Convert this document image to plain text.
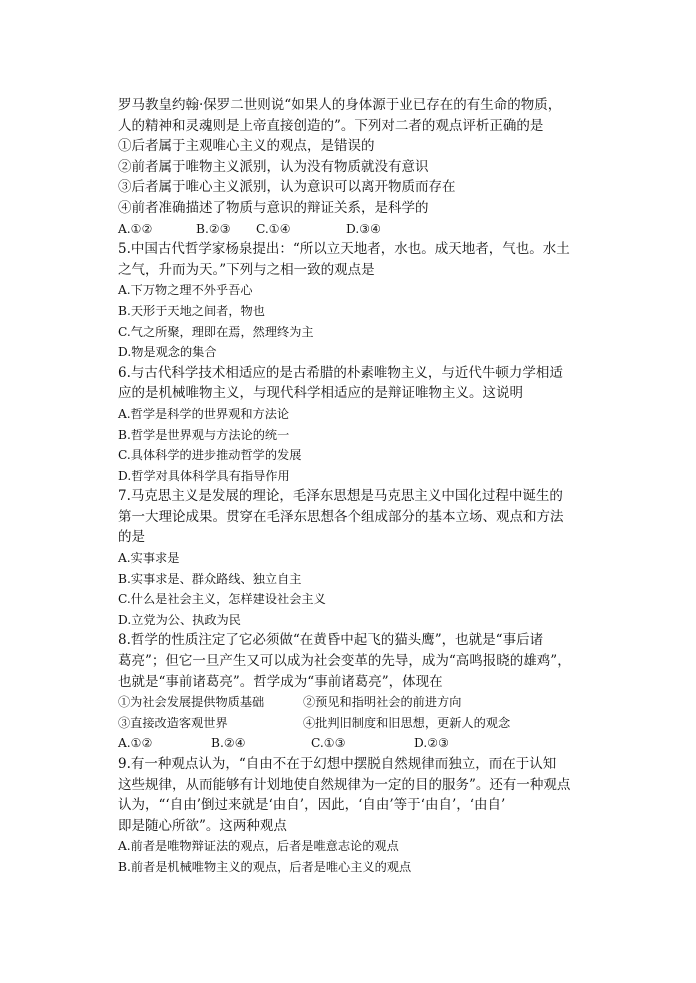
罗马教皇约翰·保罗二世则说“如果人的身体源于业已存在的有生命的物质，
人的精神和灵魂则是上帝直接创造的”。下列对二者的观点评析正确的是
①后者属于主观唯心主义的观点，是错误的
②前者属于唯物主义派别，认为没有物质就没有意识
③后者属于唯心主义派别，认为意识可以离开物质而存在
④前者准确描述了物质与意识的辩证关系，是科学的
A.①②	B.②③	C.①④	D.③④
5.中国古代哲学家杨泉提出：“所以立天地者，水也。成天地者，气也。水土
之气，升而为天。”下列与之相一致的观点是
A.下万物之理不外乎吾心
B.天形于天地之间者，物也
C.气之所聚，理即在焉，然理终为主
D.物是观念的集合
6.与古代科学技术相适应的是古希腊的朴素唯物主义，与近代牛顿力学相适
应的是机械唯物主义，与现代科学相适应的是辩证唯物主义。这说明
A.哲学是科学的世界观和方法论
B.哲学是世界观与方法论的统一
C.具体科学的进步推动哲学的发展
D.哲学对具体科学具有指导作用
7.马克思主义是发展的理论，毛泽东思想是马克思主义中国化过程中诞生的
第一大理论成果。贯穿在毛泽东思想各个组成部分的基本立场、观点和方法
的是
A.实事求是
B.实事求是、群众路线、独立自主
C.什么是社会主义，怎样建设社会主义
D.立党为公、执政为民
8.哲学的性质注定了它必须做“在黄昏中起飞的猫头鹰”，也就是“事后诸
葛亮”；但它一旦产生又可以成为社会变革的先导，成为“高鸣报晓的雄鸡”，
也就是“事前诸葛亮”。哲学成为“事前诸葛亮”，体现在
①为社会发展提供物质基础	②预见和指明社会的前进方向
③直接改造客观世界	④批判旧制度和旧思想，更新人的观念
A.①②	B.②④	C.①③	D.②③
9.有一种观点认为，“自由不在于幻想中摆脱自然规律而独立，而在于认知
这些规律，从而能够有计划地使自然规律为一定的目的服务”。还有一种观点
认为，“‘自由’倒过来就是‘由自’，因此，‘自由’等于‘由自’，‘由自’
即是随心所欲”。这两种观点
A.前者是唯物辩证法的观点，后者是唯意志论的观点
B.前者是机械唯物主义的观点，后者是唯心主义的观点
